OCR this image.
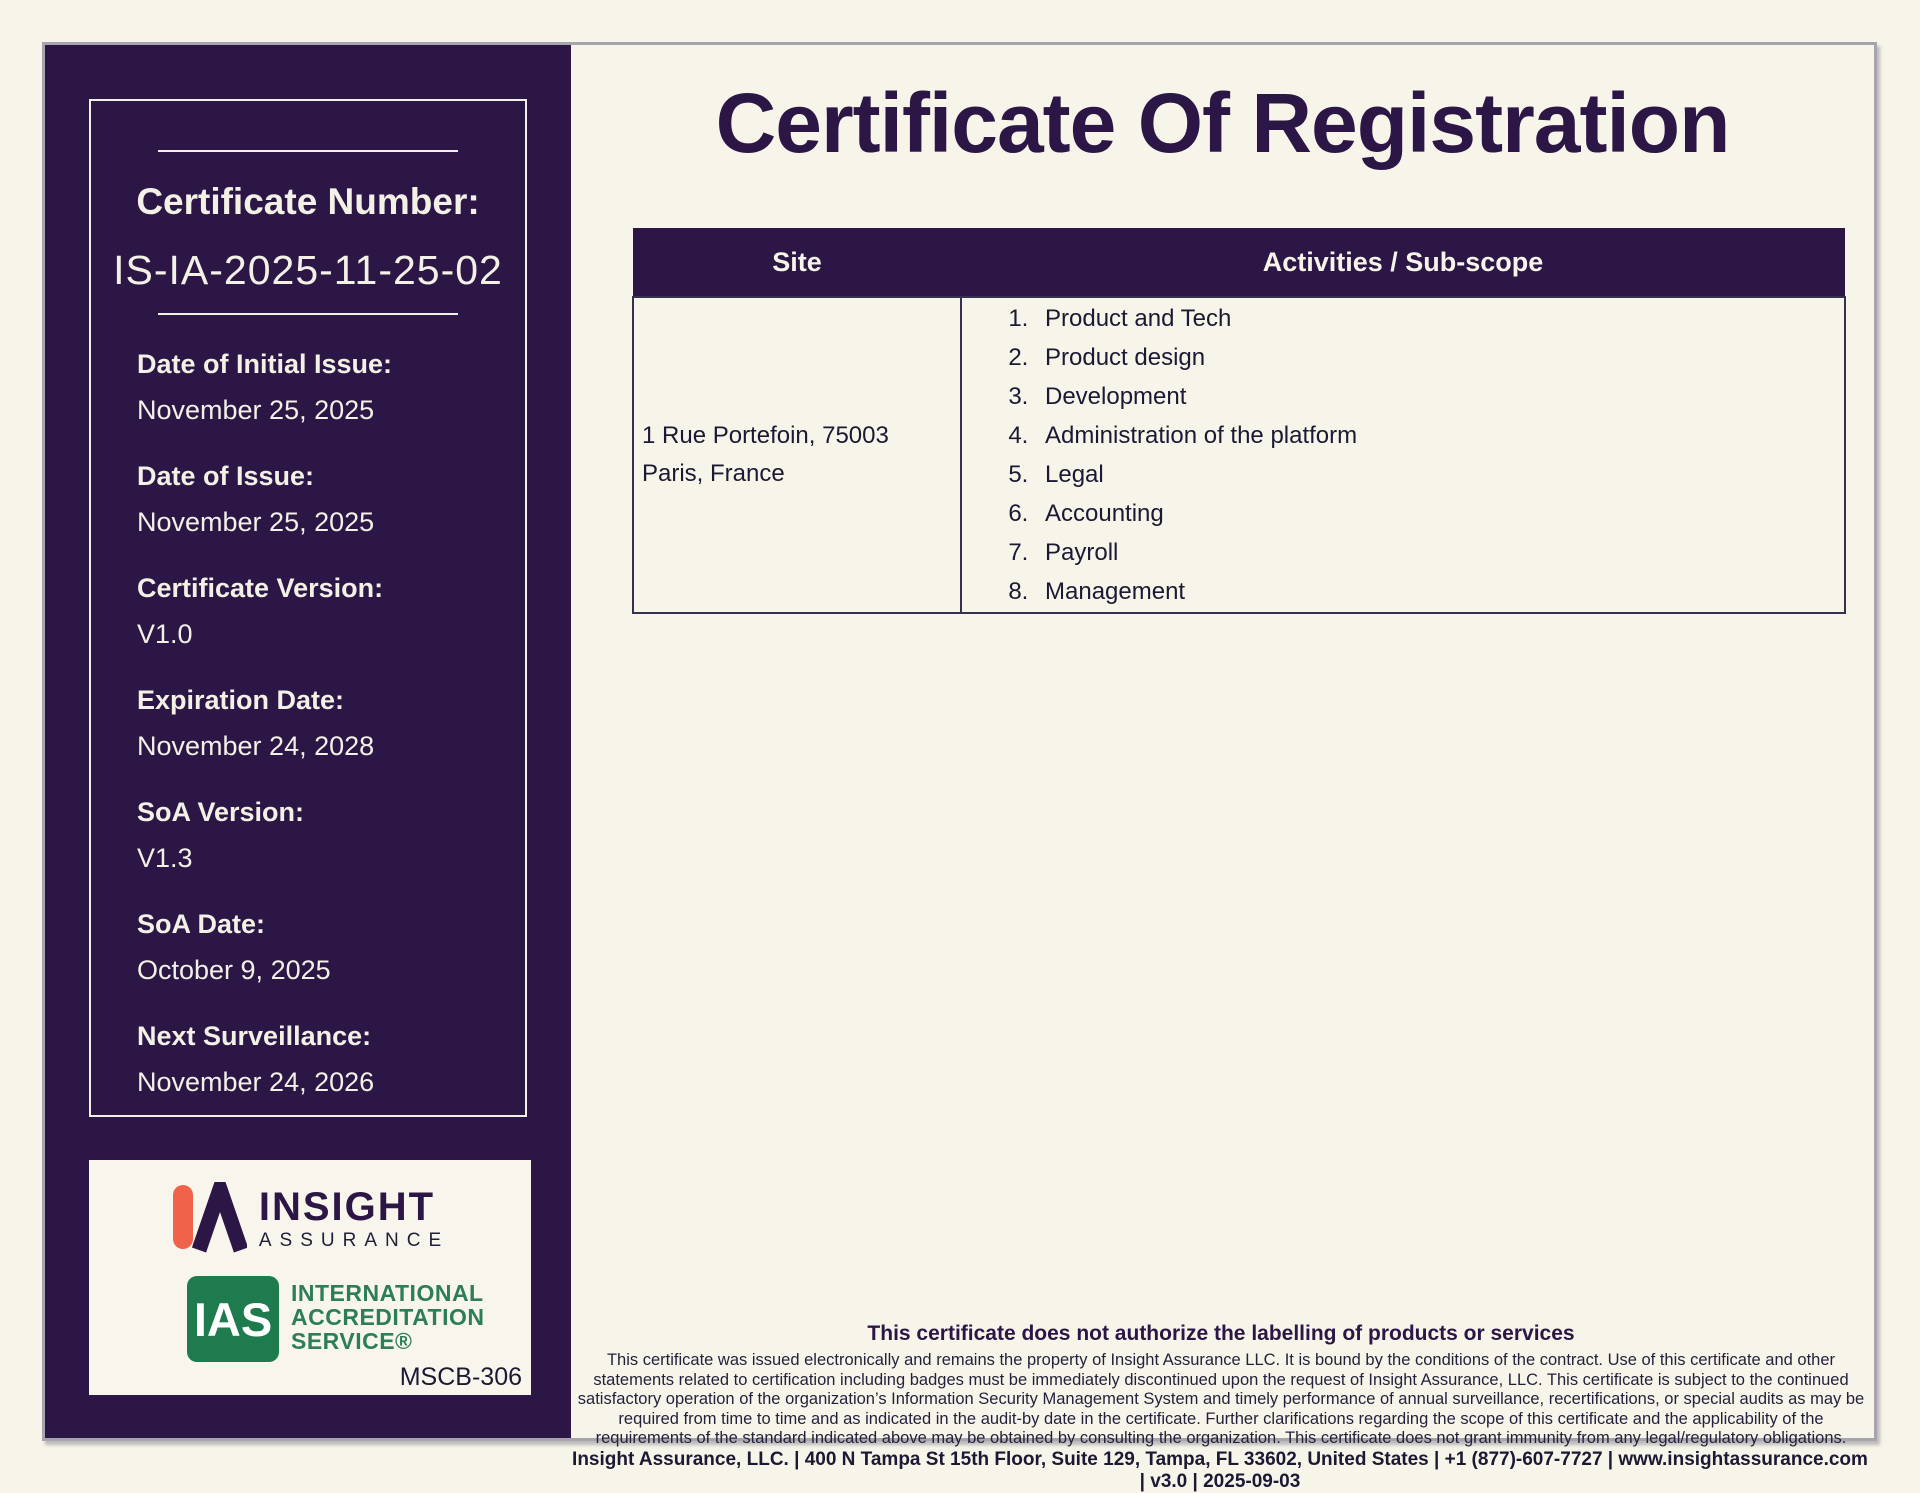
Certificate Number:
IS-IA-2025-11-25-02
Date of Initial Issue:
November 25, 2025
Date of Issue:
November 25, 2025
Certificate Version:
V1.0
Expiration Date:
November 24, 2028
SoA Version:
V1.3
SoA Date:
October 9, 2025
Next Surveillance:
November 24, 2026
INSIGHT
ASSURANCE
IAS INTERNATIONAL
ACCREDITATION
SERVICE®
MSCB-306
Certificate Of Registration
Site	Activities / Sub-scope

1 Rue Portefoin, 75003
Paris, France

1. Product and Tech
2. Product design
3. Development
4. Administration of the platform
5. Legal
6. Accounting
7. Payroll
8. Management
This certificate does not authorize the labelling of products or services
This certificate was issued electronically and remains the property of Insight Assurance LLC. It is bound by the conditions of the contract. Use of this certificate and other statements related to certification including badges must be immediately discontinued upon the request of Insight Assurance, LLC. This certificate is subject to the continued satisfactory operation of the organization’s Information Security Management System and timely performance of annual surveillance, recertifications, or special audits as may be required from time to time and as indicated in the audit-by date in the certificate. Further clarifications regarding the scope of this certificate and the applicability of the requirements of the standard indicated above may be obtained by consulting the organization. This certificate does not grant immunity from any legal/regulatory obligations.
Insight Assurance, LLC. | 400 N Tampa St 15th Floor, Suite 129, Tampa, FL 33602, United States | +1 (877)-607-7727 | www.insightassurance.com | v3.0 | 2025-09-03
